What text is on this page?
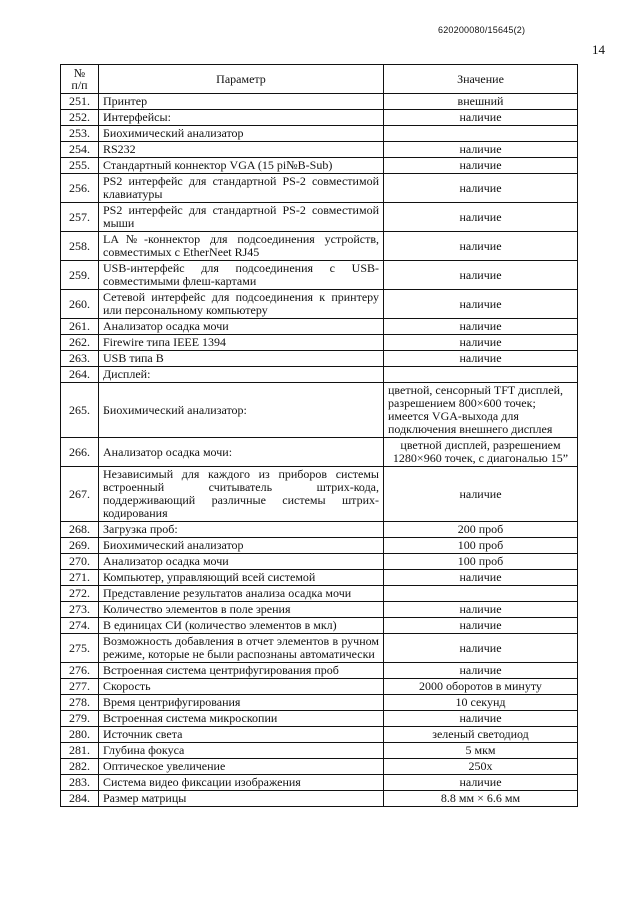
620200080/15645(2)
14
№
п/п	Параметр	Значение
251.	Принтер	внешний
252.	Интерфейсы:	наличие
253.	Биохимический анализатор	
254.	RS232	наличие
255.	Стандартный коннектор VGA (15 pi№B-Sub)	наличие
256.	PS2 интерфейс для стандартной PS-2 совместимой клавиатуры	наличие
257.	PS2 интерфейс для стандартной PS-2 совместимой мыши	наличие
258.	LA№-коннектор для подсоединения устройств, совместимых с EtherNeet RJ45	наличие
259.	USB-интерфейс для подсоединения с USB-совместимыми флеш-картами	наличие
260.	Сетевой интерфейс для подсоединения к принтеру или персональному компьютеру	наличие
261.	Анализатор осадка мочи	наличие
262.	Firewire типа IEEE 1394	наличие
263.	USB типа B	наличие
264.	Дисплей:	
265.	Биохимический анализатор:	цветной, сенсорный TFT дисплей, разрешением 800×600 точек;
имеется VGA-выхода для подключения внешнего дисплея
266.	Анализатор осадка мочи:	цветной дисплей, разрешением 1280×960 точек, с диагональю 15”
267.	Независимый для каждого из приборов системы встроенный считыватель штрих-кода, поддерживающий различные системы штрих-кодирования	наличие
268.	Загрузка проб:	200 проб
269.	Биохимический анализатор	100 проб
270.	Анализатор осадка мочи	100 проб
271.	Компьютер, управляющий всей системой	наличие
272.	Представление результатов анализа осадка мочи	
273.	Количество элементов в поле зрения	наличие
274.	В единицах СИ (количество элементов в мкл)	наличие
275.	Возможность добавления в отчет элементов в ручном режиме, которые не были распознаны автоматически	наличие
276.	Встроенная система центрифугирования проб	наличие
277.	Скорость	2000 оборотов в минуту
278.	Время центрифугирования	10 секунд
279.	Встроенная система микроскопии	наличие
280.	Источник света	зеленый светодиод
281.	Глубина фокуса	5 мкм
282.	Оптическое увеличение	250x
283.	Система видео фиксации изображения	наличие
284.	Размер матрицы	8.8 мм × 6.6 мм
